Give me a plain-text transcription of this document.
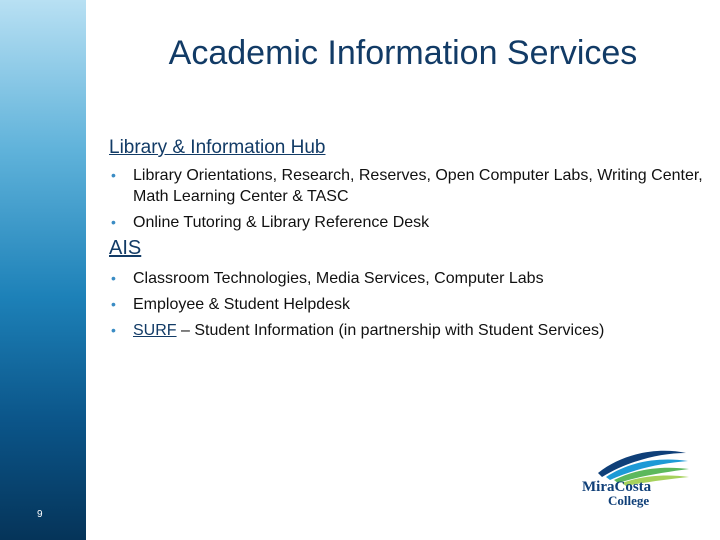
Academic Information Services
Library & Information Hub
• Library Orientations, Research, Reserves, Open Computer Labs, Writing Center, Math Learning Center & TASC
• Online Tutoring & Library Reference Desk
AIS
• Classroom Technologies, Media Services, Computer Labs
• Employee & Student Helpdesk
• SURF – Student Information (in partnership with Student Services)
9
MiraCosta
College
